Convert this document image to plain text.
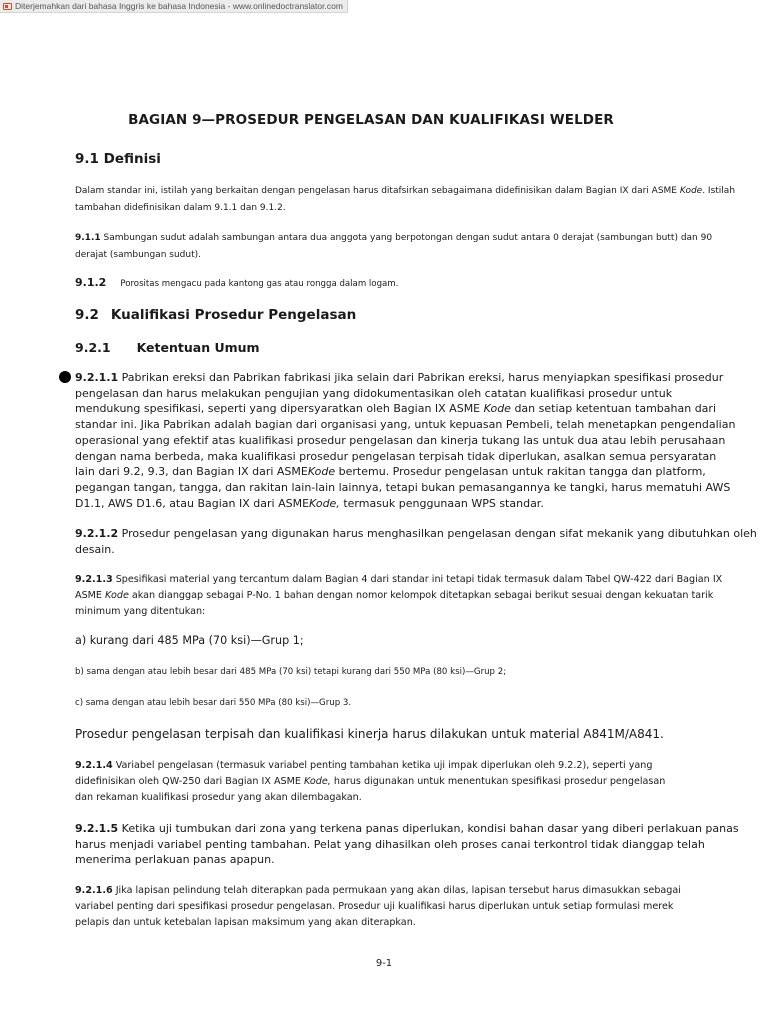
Diterjemahkan dari bahasa Inggris ke bahasa Indonesia - www.onlinedoctranslator.com
BAGIAN 9—PROSEDUR PENGELASAN DAN KUALIFIKASI WELDER
9.1 Definisi
Dalam standar ini, istilah yang berkaitan dengan pengelasan harus ditafsirkan sebagaimana didefinisikan dalam Bagian IX dari ASME Kode. Istilah
tambahan didefinisikan dalam 9.1.1 dan 9.1.2.
9.1.1 Sambungan sudut adalah sambungan antara dua anggota yang berpotongan dengan sudut antara 0 derajat (sambungan butt) dan 90
derajat (sambungan sudut).
9.1.2 Porositas mengacu pada kantong gas atau rongga dalam logam.
9.2 Kualifikasi Prosedur Pengelasan
9.2.1 Ketentuan Umum
9.2.1.1 Pabrikan ereksi dan Pabrikan fabrikasi jika selain dari Pabrikan ereksi, harus menyiapkan spesifikasi prosedur
pengelasan dan harus melakukan pengujian yang didokumentasikan oleh catatan kualifikasi prosedur untuk
mendukung spesifikasi, seperti yang dipersyaratkan oleh Bagian IX ASME Kode dan setiap ketentuan tambahan dari
standar ini. Jika Pabrikan adalah bagian dari organisasi yang, untuk kepuasan Pembeli, telah menetapkan pengendalian
operasional yang efektif atas kualifikasi prosedur pengelasan dan kinerja tukang las untuk dua atau lebih perusahaan
dengan nama berbeda, maka kualifikasi prosedur pengelasan terpisah tidak diperlukan, asalkan semua persyaratan
lain dari 9.2, 9.3, dan Bagian IX dari ASMEKode bertemu. Prosedur pengelasan untuk rakitan tangga dan platform,
pegangan tangan, tangga, dan rakitan lain-lain lainnya, tetapi bukan pemasangannya ke tangki, harus mematuhi AWS
D1.1, AWS D1.6, atau Bagian IX dari ASMEKode, termasuk penggunaan WPS standar.
9.2.1.2 Prosedur pengelasan yang digunakan harus menghasilkan pengelasan dengan sifat mekanik yang dibutuhkan oleh
desain.
9.2.1.3 Spesifikasi material yang tercantum dalam Bagian 4 dari standar ini tetapi tidak termasuk dalam Tabel QW-422 dari Bagian IX
ASME Kode akan dianggap sebagai P-No. 1 bahan dengan nomor kelompok ditetapkan sebagai berikut sesuai dengan kekuatan tarik
minimum yang ditentukan:
a) kurang dari 485 MPa (70 ksi)—Grup 1;
b) sama dengan atau lebih besar dari 485 MPa (70 ksi) tetapi kurang dari 550 MPa (80 ksi)—Grup 2;
c) sama dengan atau lebih besar dari 550 MPa (80 ksi)—Grup 3.
Prosedur pengelasan terpisah dan kualifikasi kinerja harus dilakukan untuk material A841M/A841.
9.2.1.4 Variabel pengelasan (termasuk variabel penting tambahan ketika uji impak diperlukan oleh 9.2.2), seperti yang
didefinisikan oleh QW-250 dari Bagian IX ASME Kode, harus digunakan untuk menentukan spesifikasi prosedur pengelasan
dan rekaman kualifikasi prosedur yang akan dilembagakan.
9.2.1.5 Ketika uji tumbukan dari zona yang terkena panas diperlukan, kondisi bahan dasar yang diberi perlakuan panas
harus menjadi variabel penting tambahan. Pelat yang dihasilkan oleh proses canai terkontrol tidak dianggap telah
menerima perlakuan panas apapun.
9.2.1.6 Jika lapisan pelindung telah diterapkan pada permukaan yang akan dilas, lapisan tersebut harus dimasukkan sebagai
variabel penting dari spesifikasi prosedur pengelasan. Prosedur uji kualifikasi harus diperlukan untuk setiap formulasi merek
pelapis dan untuk ketebalan lapisan maksimum yang akan diterapkan.
9-1
